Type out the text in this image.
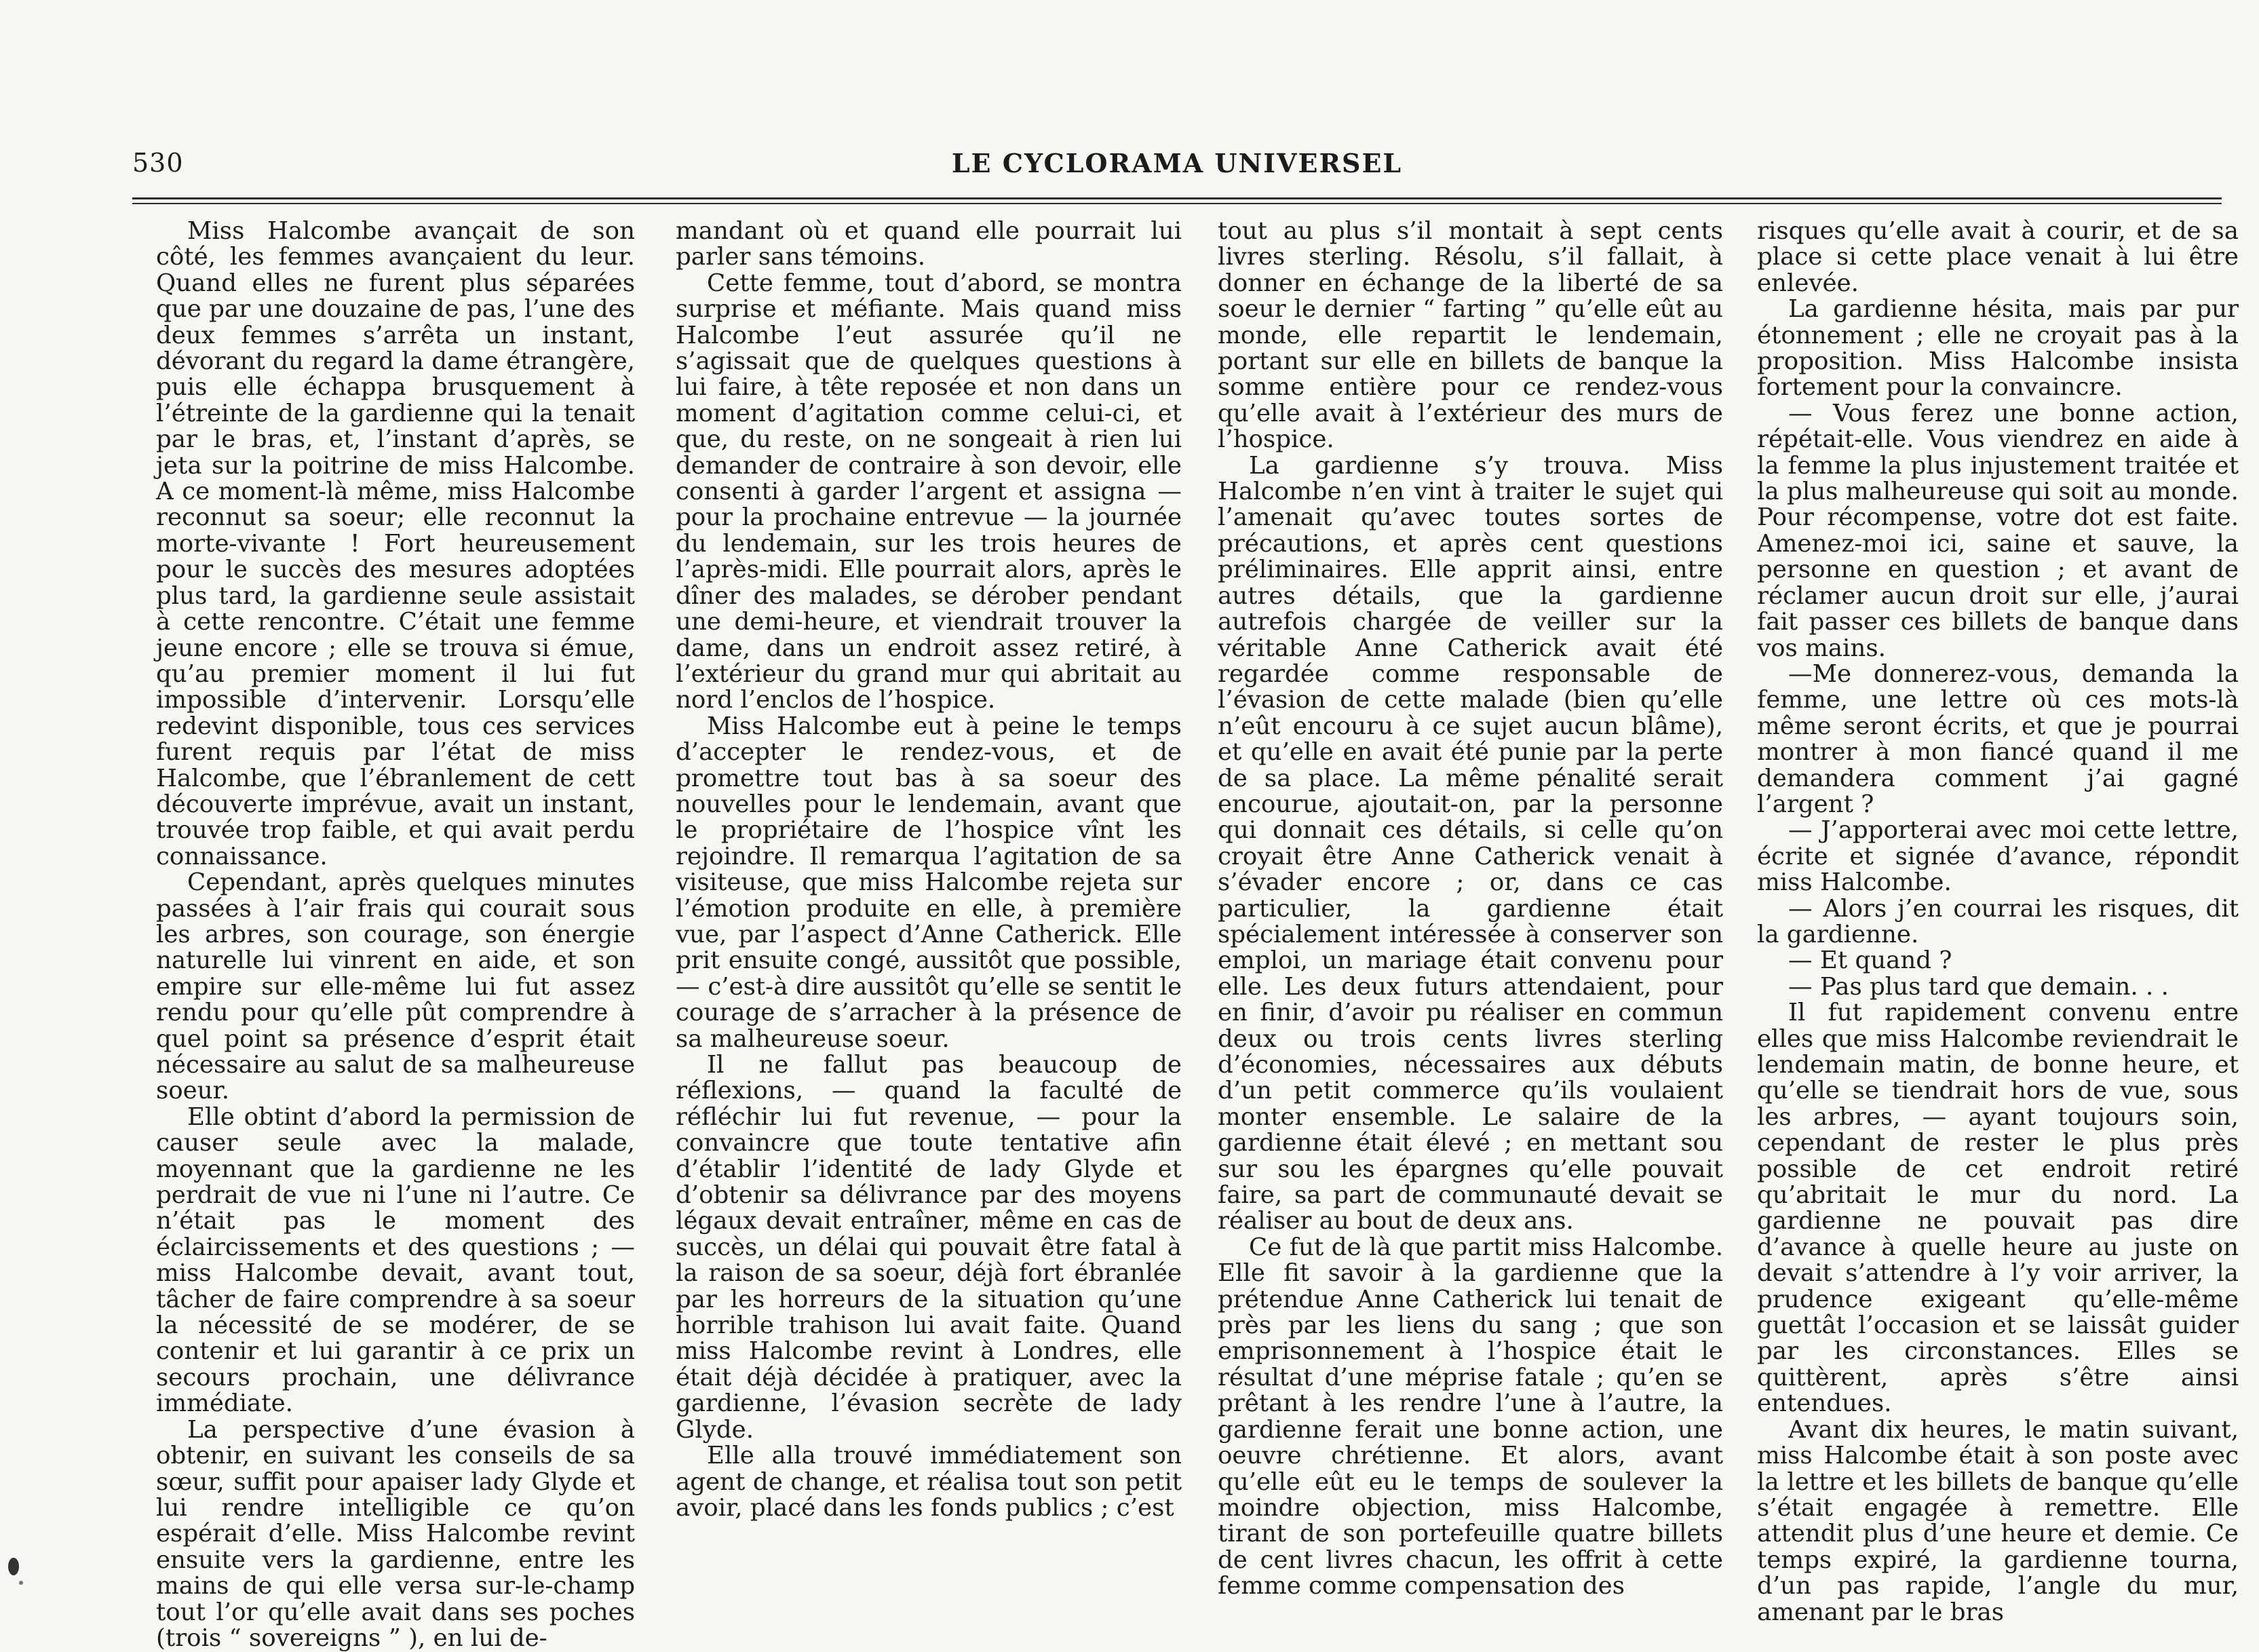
530	LE CYCLORAMA UNIVERSEL

Miss Halcombe avançait de son côté, les femmes avançaient du leur. Quand elles ne furent plus séparées que par une douzaine de pas, l’une des deux femmes s’arrêta un instant, dévorant du regard la dame étrangère, puis elle échappa brusquement à l’étreinte de la gardienne qui la tenait par le bras, et, l’instant d’après, se jeta sur la poitrine de miss Halcombe. A ce moment-là même, miss Halcombe reconnut sa soeur; elle reconnut la morte-vivante ! Fort heureusement pour le succès des mesures adoptées plus tard, la gardienne seule assistait à cette rencontre. C’était une femme jeune encore ; elle se trouva si émue, qu’au premier moment il lui fut impossible d’intervenir. Lorsqu’elle redevint disponible, tous ces services furent requis par l’état de miss Halcombe, que l’ébranlement de cett découverte imprévue, avait un instant, trouvée trop faible, et qui avait perdu connaissance.

Cependant, après quelques minutes passées à l’air frais qui courait sous les arbres, son courage, son énergie naturelle lui vinrent en aide, et son empire sur elle-même lui fut assez rendu pour qu’elle pût comprendre à quel point sa présence d’esprit était nécessaire au salut de sa malheureuse soeur.

Elle obtint d’abord la permission de causer seule avec la malade, moyennant que la gardienne ne les perdrait de vue ni l’une ni l’autre. Ce n’était pas le moment des éclaircissements et des questions ; — miss Halcombe devait, avant tout, tâcher de faire comprendre à sa soeur la nécessité de se modérer, de se contenir et lui garantir à ce prix un secours prochain, une délivrance immédiate.

La perspective d’une évasion à obtenir, en suivant les conseils de sa sœur, suffit pour apaiser lady Glyde et lui rendre intelligible ce qu’on espérait d’elle. Miss Halcombe revint ensuite vers la gardienne, entre les mains de qui elle versa sur-le-champ tout l’or qu’elle avait dans ses poches (trois “ sovereigns ” ), en lui de-

mandant où et quand elle pourrait lui parler sans témoins.

Cette femme, tout d’abord, se montra surprise et méfiante. Mais quand miss Halcombe l’eut assurée qu’il ne s’agissait que de quelques questions à lui faire, à tête reposée et non dans un moment d’agitation comme celui-ci, et que, du reste, on ne songeait à rien lui demander de contraire à son devoir, elle consenti à garder l’argent et assigna — pour la prochaine entrevue — la journée du lendemain, sur les trois heures de l’après-midi. Elle pourrait alors, après le dîner des malades, se dérober pendant une demi-heure, et viendrait trouver la dame, dans un endroit assez retiré, à l’extérieur du grand mur qui abritait au nord l’enclos de l’hospice.

Miss Halcombe eut à peine le temps d’accepter le rendez-vous, et de promettre tout bas à sa soeur des nouvelles pour le lendemain, avant que le propriétaire de l’hospice vînt les rejoindre. Il remarqua l’agitation de sa visiteuse, que miss Halcombe rejeta sur l’émotion produite en elle, à première vue, par l’aspect d’Anne Catherick. Elle prit ensuite congé, aussitôt que possible, — c’est-à dire aussitôt qu’elle se sentit le courage de s’arracher à la présence de sa malheureuse soeur.

Il ne fallut pas beaucoup de réflexions, — quand la faculté de réfléchir lui fut revenue, — pour la convaincre que toute tentative afin d’établir l’identité de lady Glyde et d’obtenir sa délivrance par des moyens légaux devait entraîner, même en cas de succès, un délai qui pouvait être fatal à la raison de sa soeur, déjà fort ébranlée par les horreurs de la situation qu’une horrible trahison lui avait faite. Quand miss Halcombe revint à Londres, elle était déjà décidée à pratiquer, avec la gardienne, l’évasion secrète de lady Glyde.

Elle alla trouvé immédiatement son agent de change, et réalisa tout son petit avoir, placé dans les fonds publics ; c’est

tout au plus s’il montait à sept cents livres sterling. Résolu, s’il fallait, à donner en échange de la liberté de sa soeur le dernier “ farting ” qu’elle eût au monde, elle repartit le lendemain, portant sur elle en billets de banque la somme entière pour ce rendez-vous qu’elle avait à l’extérieur des murs de l’hospice.

La gardienne s’y trouva. Miss Halcombe n’en vint à traiter le sujet qui l’amenait qu’avec toutes sortes de précautions, et après cent questions préliminaires. Elle apprit ainsi, entre autres détails, que la gardienne autrefois chargée de veiller sur la véritable Anne Catherick avait été regardée comme responsable de l’évasion de cette malade (bien qu’elle n’eût encouru à ce sujet aucun blâme), et qu’elle en avait été punie par la perte de sa place. La même pénalité serait encourue, ajoutait-on, par la personne qui donnait ces détails, si celle qu’on croyait être Anne Catherick venait à s’évader encore ; or, dans ce cas particulier, la gardienne était spécialement intéressée à conserver son emploi, un mariage était convenu pour elle. Les deux futurs attendaient, pour en finir, d’avoir pu réaliser en commun deux ou trois cents livres sterling d’économies, nécessaires aux débuts d’un petit commerce qu’ils voulaient monter ensemble. Le salaire de la gardienne était élevé ; en mettant sou sur sou les épargnes qu’elle pouvait faire, sa part de communauté devait se réaliser au bout de deux ans.

Ce fut de là que partit miss Halcombe. Elle fit savoir à la gardienne que la prétendue Anne Catherick lui tenait de près par les liens du sang ; que son emprisonnement à l’hospice était le résultat d’une méprise fatale ; qu’en se prêtant à les rendre l’une à l’autre, la gardienne ferait une bonne action, une oeuvre chrétienne. Et alors, avant qu’elle eût eu le temps de soulever la moindre objection, miss Halcombe, tirant de son portefeuille quatre billets de cent livres chacun, les offrit à cette femme comme compensation des

risques qu’elle avait à courir, et de sa place si cette place venait à lui être enlevée.

La gardienne hésita, mais par pur étonnement ; elle ne croyait pas à la proposition. Miss Halcombe insista fortement pour la convaincre.

— Vous ferez une bonne action, répétait-elle. Vous viendrez en aide à la femme la plus injustement traitée et la plus malheureuse qui soit au monde. Pour récompense, votre dot est faite. Amenez-moi ici, saine et sauve, la personne en question ; et avant de réclamer aucun droit sur elle, j’aurai fait passer ces billets de banque dans vos mains.

—Me donnerez-vous, demanda la femme, une lettre où ces mots-là même seront écrits, et que je pourrai montrer à mon fiancé quand il me demandera comment j’ai gagné l’argent ?

— J’apporterai avec moi cette lettre, écrite et signée d’avance, répondit miss Halcombe.

— Alors j’en courrai les risques, dit la gardienne.

— Et quand ?

— Pas plus tard que demain. . .

Il fut rapidement convenu entre elles que miss Halcombe reviendrait le lendemain matin, de bonne heure, et qu’elle se tiendrait hors de vue, sous les arbres, — ayant toujours soin, cependant de rester le plus près possible de cet endroit retiré qu’abritait le mur du nord. La gardienne ne pouvait pas dire d’avance à quelle heure au juste on devait s’attendre à l’y voir arriver, la prudence exigeant qu’elle-même guettât l’occasion et se laissât guider par les circonstances. Elles se quittèrent, après s’être ainsi entendues.

Avant dix heures, le matin suivant, miss Halcombe était à son poste avec la lettre et les billets de banque qu’elle s’était engagée à remettre. Elle attendit plus d’une heure et demie. Ce temps expiré, la gardienne tourna, d’un pas rapide, l’angle du mur, amenant par le bras
